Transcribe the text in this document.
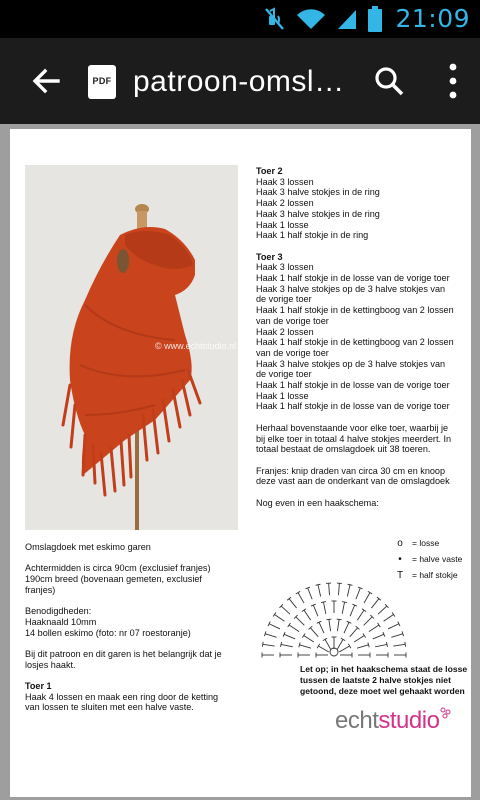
21:09
PDF patroon-omsl…
© www.echtstudio.nl

Omslagdoek met eskimo garen

Achtermidden is circa 90cm (exclusief franjes)

190cm breed (bovenaan gemeten, exclusief

franjes)

Benodigdheden:

Haaknaald 10mm

14 bollen eskimo (foto: nr 07 roestoranje)

Bij dit patroon en dit garen is het belangrijk dat je

losjes haakt.

Toer 1

Haak 4 lossen en maak een ring door de ketting

van lossen te sluiten met een halve vaste.

Toer 2

Haak 3 lossen

Haak 3 halve stokjes in de ring

Haak 2 lossen

Haak 3 halve stokjes in de ring

Haak 1 losse

Haak 1 half stokje in de ring

Toer 3

Haak 3 lossen

Haak 1 half stokje in de losse van de vorige toer

Haak 3 halve stokjes op de 3 halve stokjes van

de vorige toer

Haak 1 half stokje in de kettingboog van 2 lossen

van de vorige toer

Haak 2 lossen

Haak 1 half stokje in de kettingboog van 2 lossen

van de vorige toer

Haak 3 halve stokjes op de 3 halve stokjes van

de vorige toer

Haak 1 half stokje in de losse van de vorige toer

Haak 1 losse

Haak 1 half stokje in de losse van de vorige toer

Herhaal bovenstaande voor elke toer, waarbij je

bij elke toer in totaal 4 halve stokjes meerdert. In

totaal bestaat de omslagdoek uit 38 toeren.

Franjes: knip draden van circa 30 cm en knoop

deze vast aan de onderkant van de omslagdoek

Nog even in een haakschema:

o	= losse
•	= halve vaste
T	= half stokje
Let op; in het haakschema staat de losse
tussen de laatste 2 halve stokjes niet
getoond, deze moet wel gehaakt worden
echtstudio
